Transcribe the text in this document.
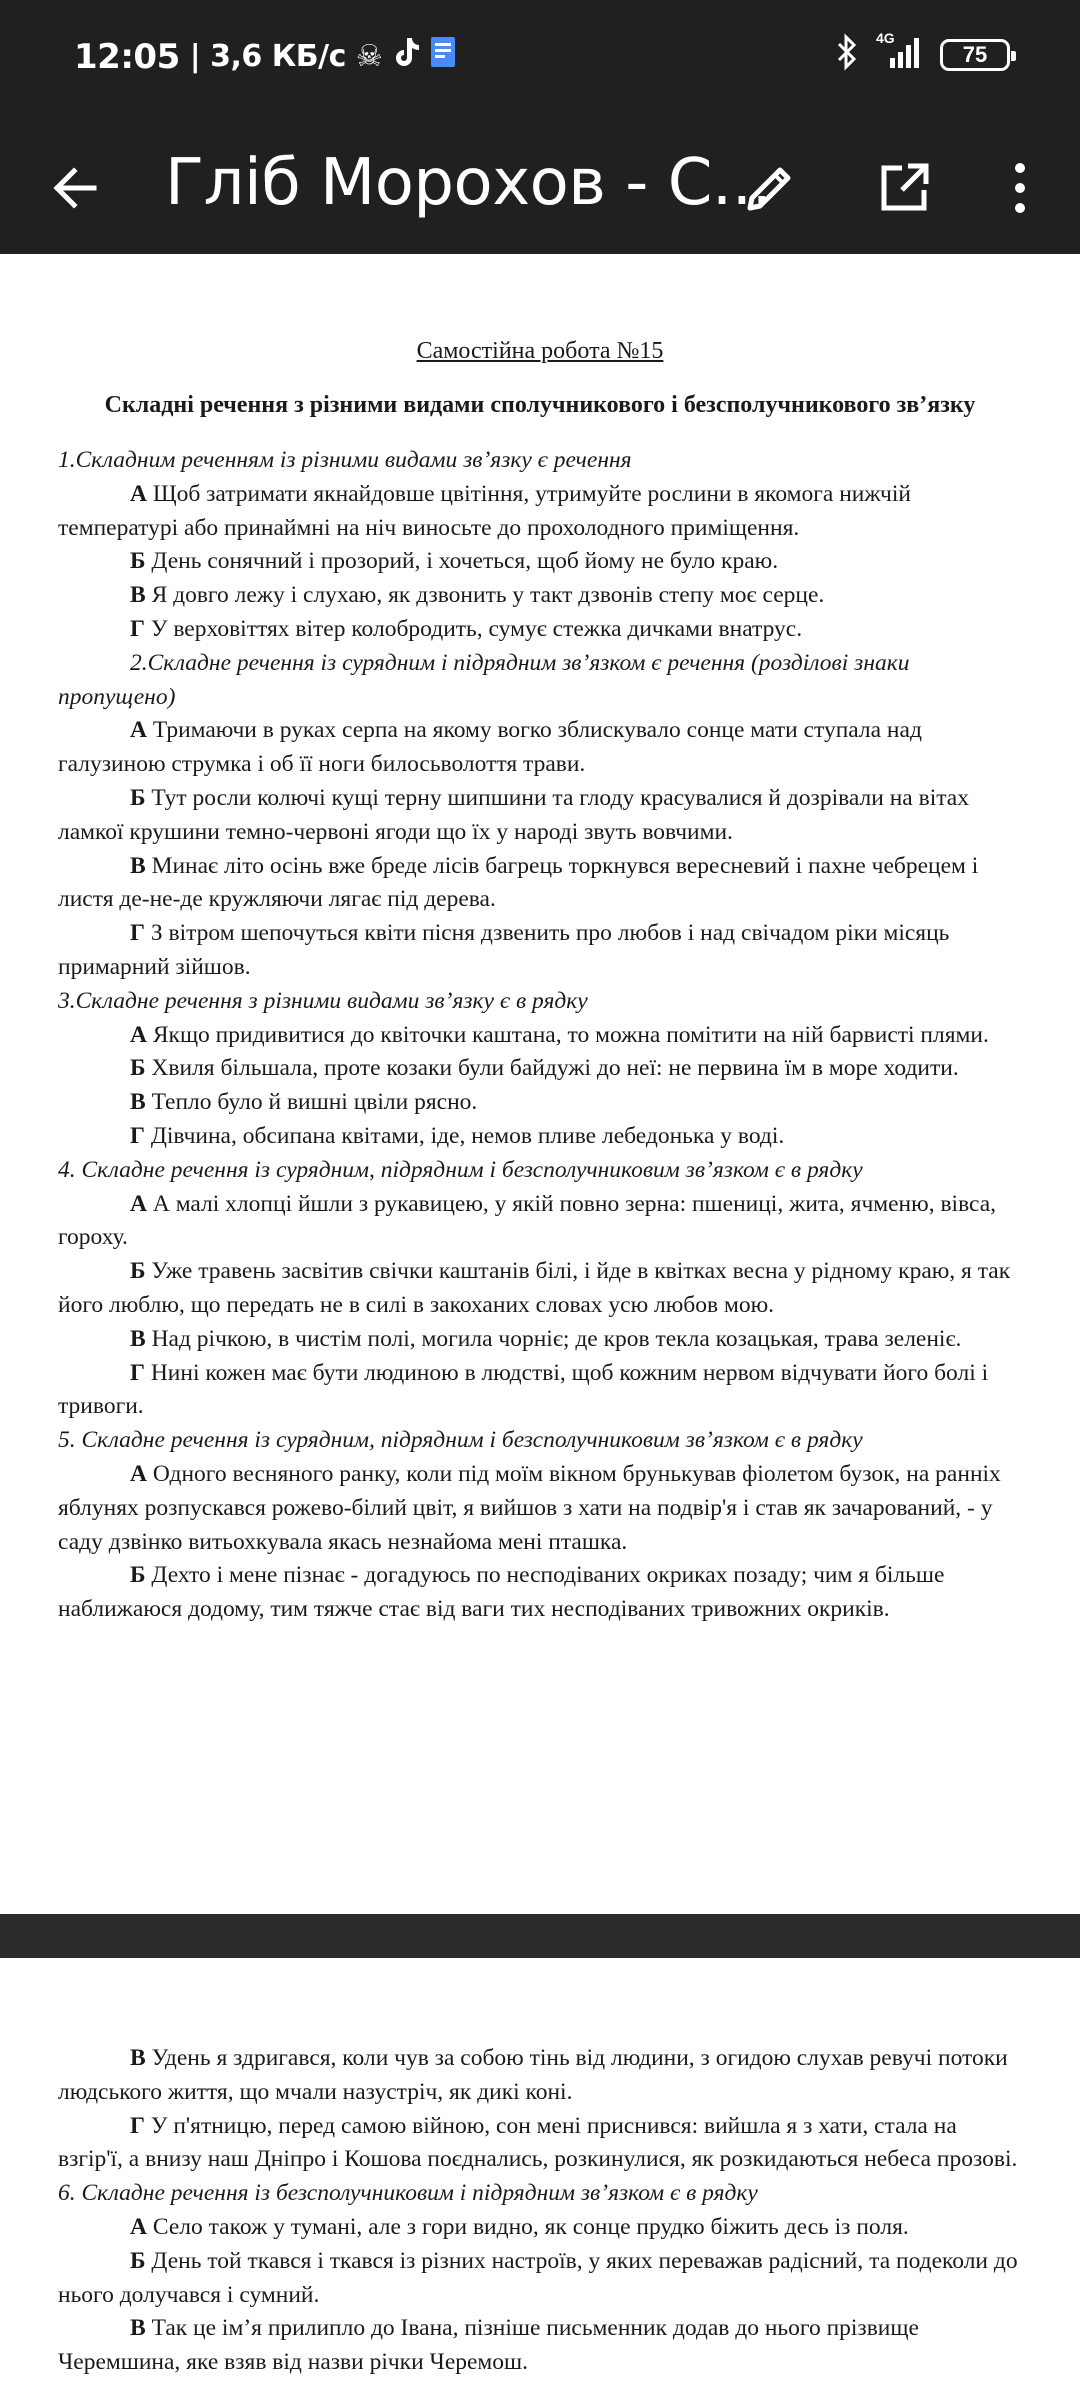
12:05 | 3,6 КБ/с ☠
4G
75
Гліб Морохов - С...
Самостійна робота №15
Складні речення з різними видами сполучникового і безсполучникового зв’язку
1.Складним реченням із різними видами зв’язку є речення
А Щоб затримати якнайдовше цвітіння, утримуйте рослини в якомога нижчій температурі або принаймні на ніч виносьте до прохолодного приміщення.
Б День сонячний і прозорий, і хочеться, щоб йому не було краю.
В Я довго лежу і слухаю, як дзвонить у такт дзвонів степу моє серце.
Г У верховіттях вітер колобродить, сумує стежка дичками внатрус.
2.Складне речення із сурядним і підрядним зв’язком є речення (розділові знаки пропущено)
А Тримаючи в руках серпа на якому вогко зблискувало сонце мати ступала над галузиною струмка і об її ноги билосьволоття трави.
Б Тут росли колючі кущі терну шипшини та глоду красувалися й дозрівали на вітах ламкої крушини темно-червоні ягоди що їх у народі звуть вовчими.
В Минає літо осінь вже бреде лісів багрець торкнувся вересневий і пахне чебрецем і листя де-не-де кружляючи лягає під дерева.
Г З вітром шепочуться квіти пісня дзвенить про любов і над свічадом ріки місяць примарний зійшов.
3.Складне речення з різними видами зв’язку є в рядку
А Якщо придивитися до квіточки каштана, то можна помітити на ній барвисті плями.
Б Хвиля більшала, проте козаки були байдужі до неї: не первина їм в море ходити.
В Тепло було й вишні цвіли рясно.
Г Дівчина, обсипана квітами, іде, немов пливе лебедонька у воді.
4. Складне речення із сурядним, підрядним і безсполучниковим зв’язком є в рядку
А А малі хлопці йшли з рукавицею, у якій повно зерна: пшениці, жита, ячменю, вівса, гороху.
Б Уже травень засвітив свічки каштанів білі, і йде в квітках весна у рідному краю, я так його люблю, що передать не в силі в закоханих словах усю любов мою.
В Над річкою, в чистім полі, могила чорніє; де кров текла козацькая, трава зеленіє.
Г Нині кожен має бути людиною в людстві, щоб кожним нервом відчувати його болі і тривоги.
5. Складне речення із сурядним, підрядним і безсполучниковим зв’язком є в рядку
А Одного весняного ранку, коли під моїм вікном брунькував фіолетом бузок, на ранніх яблунях розпускався рожево-білий цвіт, я вийшов з хати на подвір'я і став як зачарований, - у саду дзвінко витьохкувала якась незнайома мені пташка.
Б Дехто і мене пізнає - догадуюсь по несподіваних окриках позаду; чим я більше наближаюся додому, тим тяжче стає від ваги тих несподіваних тривожних окриків.
В Удень я здригався, коли чув за собою тінь від людини, з огидою слухав ревучі потоки людського життя, що мчали назустріч, як дикі коні.
Г У п'ятницю, перед самою війною, сон мені приснився: вийшла я з хати, стала на взгір'ї, а внизу наш Дніпро і Кошова поєднались, розкинулися, як розкидаються небеса прозові.
6. Складне речення із безсполучниковим і підрядним зв’язком є в рядку
А Село також у тумані, але з гори видно, як сонце прудко біжить десь із поля.
Б День той ткався і ткався із різних настроїв, у яких переважав радісний, та подеколи до нього долучався і сумний.
В Так це ім’я прилипло до Івана, пізніше письменник додав до нього прізвище Черемшина, яке взяв від назви річки Черемош.
